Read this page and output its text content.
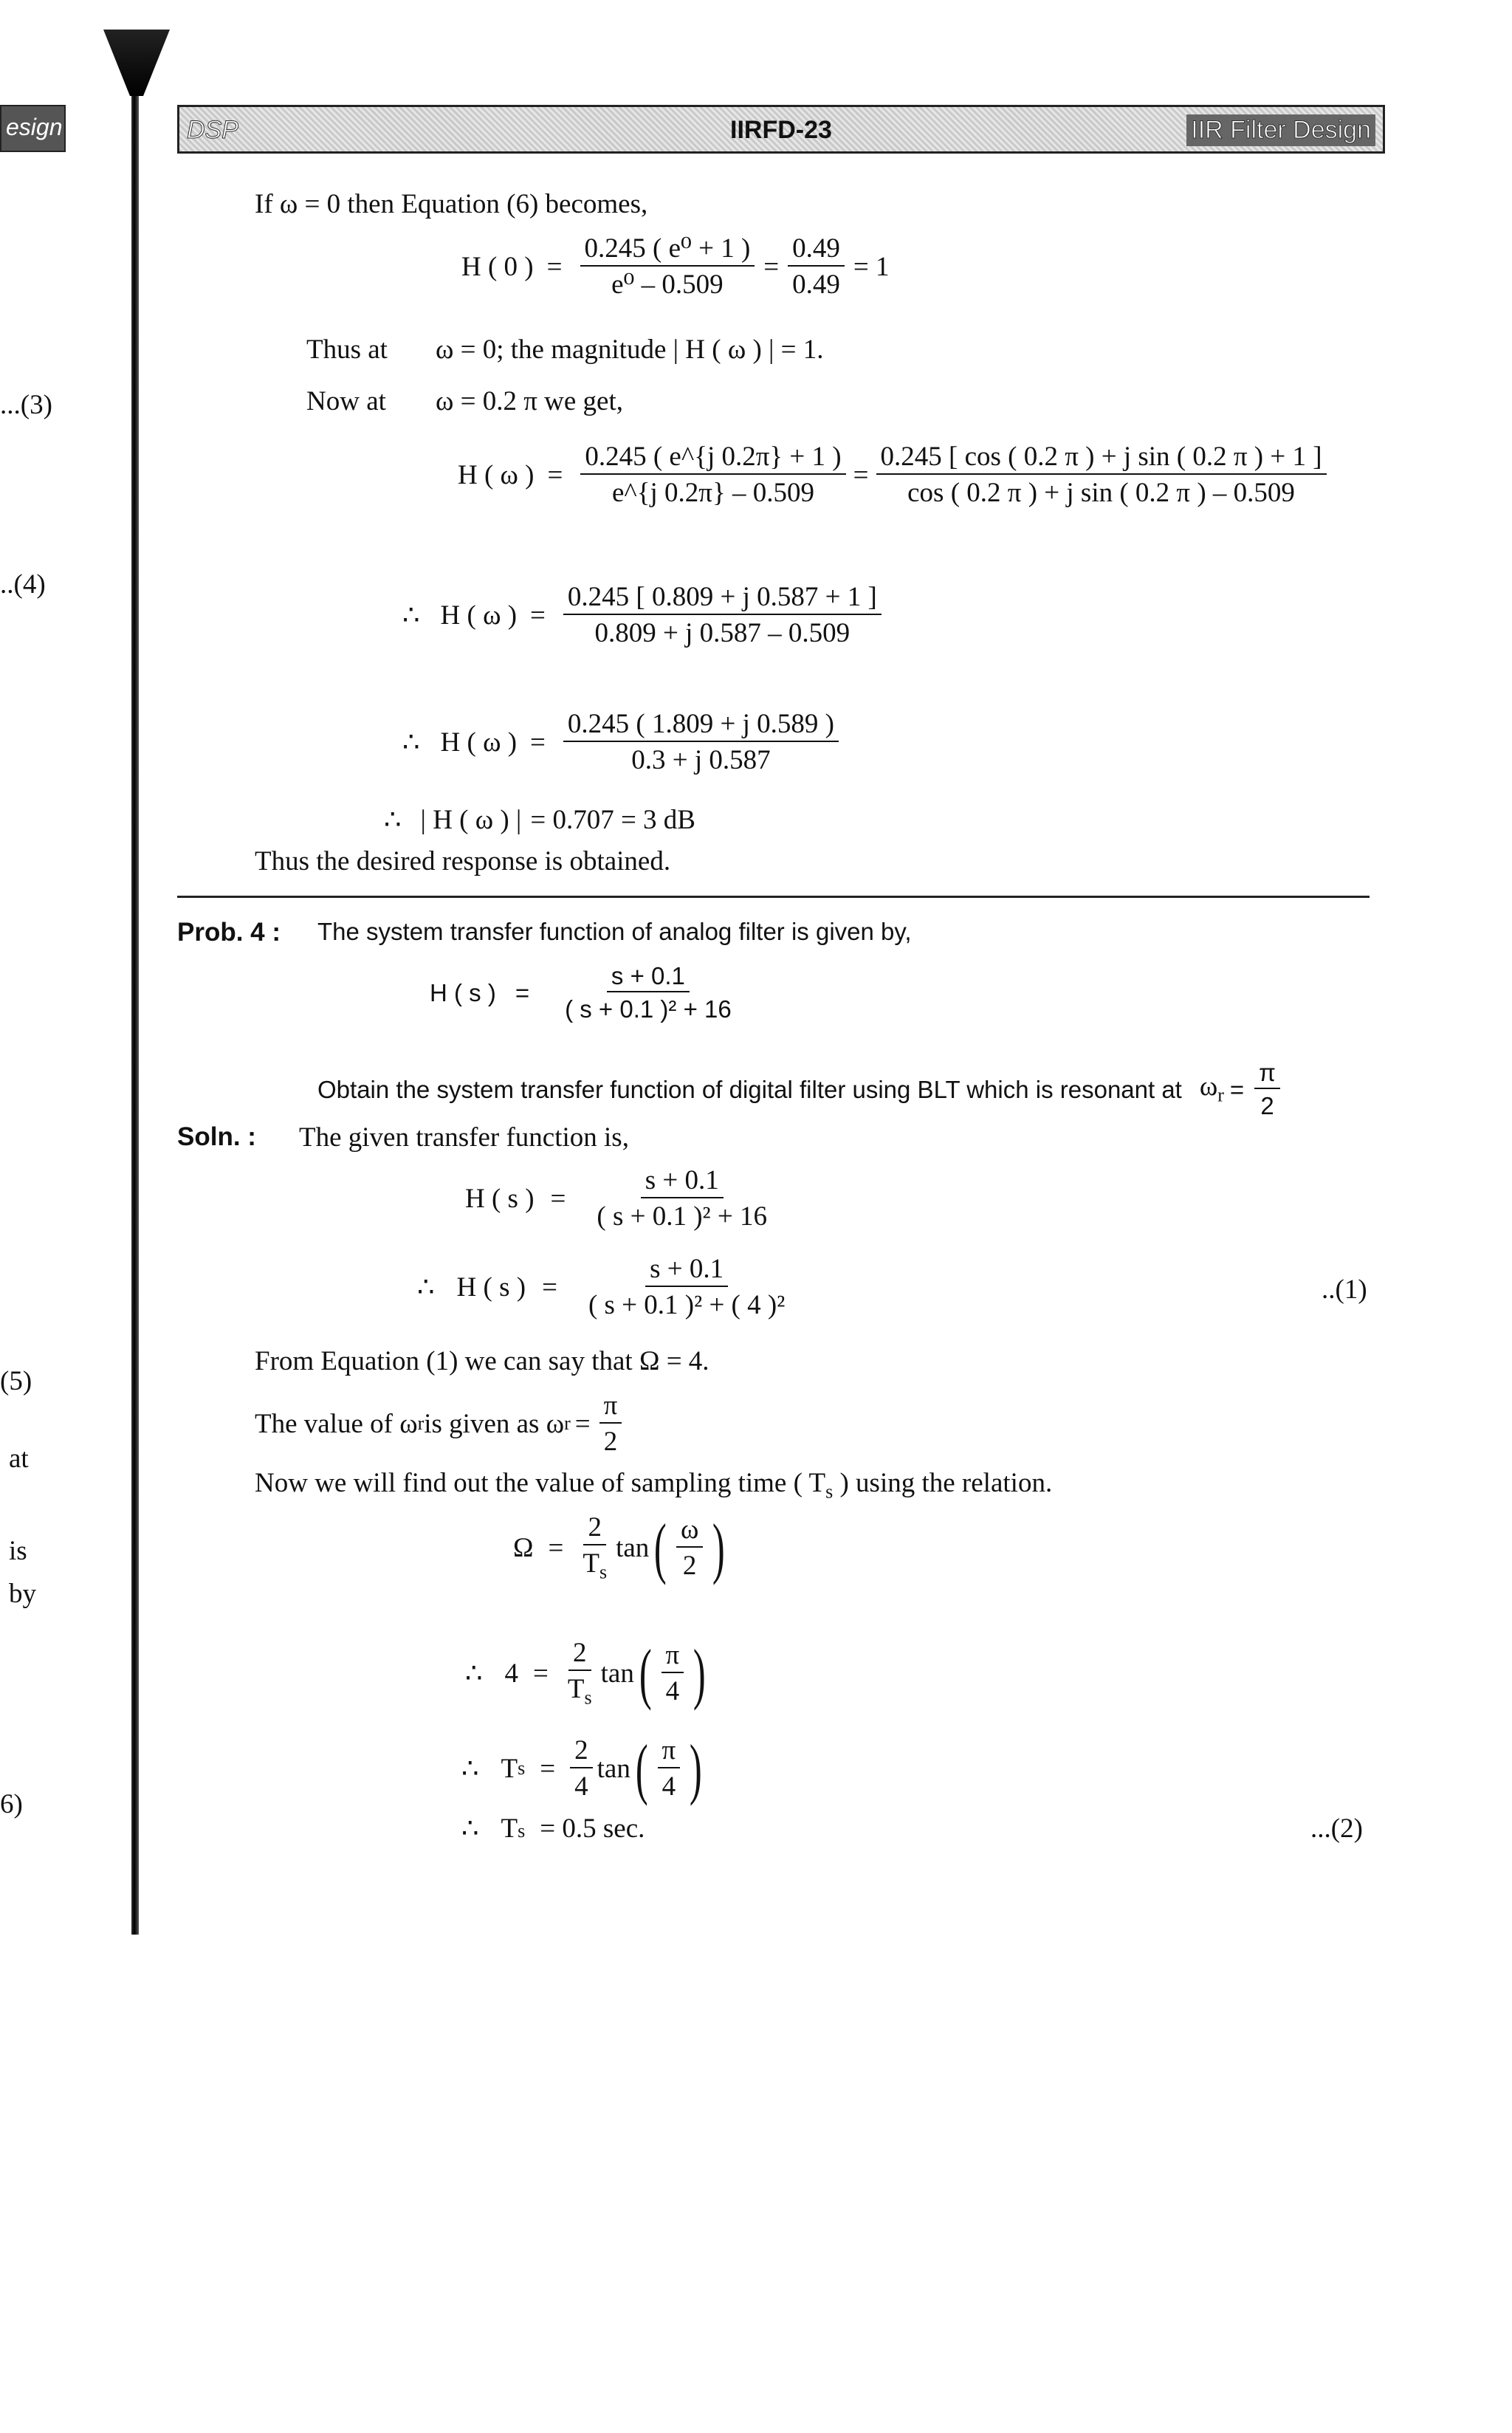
esign
...(3)
..(4)
(5)
at
is
by
6)
DSP	IIRFD-23	IIR Filter Design
If ω = 0 then Equation (6) becomes,
H ( 0 ) = $\frac{\text{0.245 ( e⁰ + 1 )}}{\text{e⁰ – 0.509}} = \frac{0.49}{0.49} = 1$
Thus at ω = 0; the magnitude | H ( ω ) | = 1.
Now at ω = 0.2 π we get,
H ( ω ) = $\frac{0.245 ( e\^{}\{j 0.2\pi\} + 1 )}{e\^{}\{j 0.2\pi\} - 0.509} = \frac{\text{0.245 [ cos ( 0.2 π ) + j sin ( 0.2 π ) + 1 ]}}{\text{cos ( 0.2 π ) + j sin ( 0.2 π ) – 0.509}}$
∴ H ( ω ) = $\frac{0.245 [ 0.809 + j 0.587 + 1 ]}{0.809 + j 0.587 - 0.509}$
∴ H ( ω ) = $\frac{0.245 ( 1.809 + j 0.589 )}{0.3 + j 0.587}$
∴ | H ( ω ) | = 0.707 = 3 dB
Thus the desired response is obtained.
Prob. 4 : The system transfer function of analog filter is given by,
H ( s ) = $\frac{s + 0.1}{\text{( s + 0.1 )² + 16}}$
Obtain the system transfer function of digital filter using BLT which is resonant at $\omega_r = \frac{\pi}{2}$
Soln. : The given transfer function is,
H ( s ) = $\frac{s + 0.1}{\text{( s + 0.1 )² + 16}}$
∴ H ( s ) = $\frac{s + 0.1}{\text{( s + 0.1 )² + ( 4 )²}}$	..(1)
From Equation (1) we can say that Ω = 4.
The value of ω r is given as ω $r = \frac{\pi}{2}$
Now we will find out the value of sampling time ( $T_s$ ) using the relation.
$\Omega = \frac{2}{T_s}$ tan ( $\frac{\omega}{2}$ )
∴ $4 = \frac{2}{T_s}$ tan ( $\frac{\pi}{4}$ )
∴ T $s = \frac{2}{4}$ tan ( $\frac{\pi}{4}$ )
∴ T s = 0.5 sec.	...(2)
